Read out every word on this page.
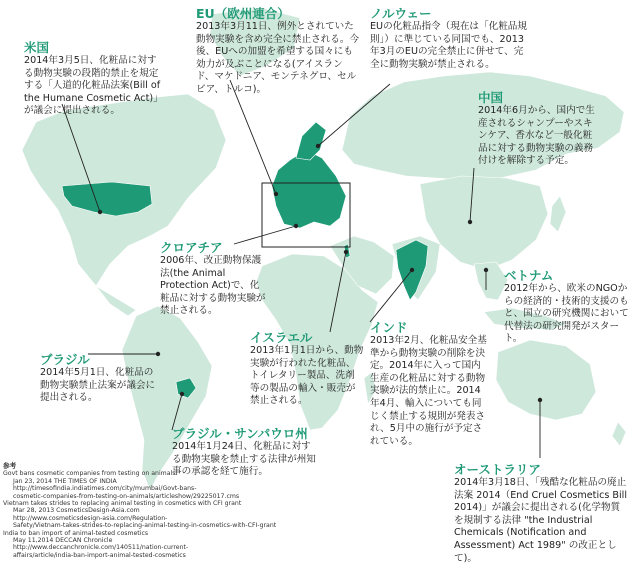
米国
2014年3月5日、化粧品に対する動物実験の段階的禁止を規定する「人道的化粧品法案(Bill of the Humane Cosmetic Act)」が議会に提出される。
EU（欧州連合）
2013年3月11日、例外とされていた動物実験を含め完全に禁止される。今後、EUへの加盟を希望する国々にも効力が及ぶことになる(アイスランド、マケドニア、モンテネグロ、セルビア、トルコ)。
ノルウェー
EUの化粧品指令（現在は「化粧品規則」）に準じている同国でも、2013年3月のEUの完全禁止に併せて、完全に動物実験が禁止される。
中国
2014年6月から、国内で生産されるシャンプーやスキンケア、香水など一般化粧品に対する動物実験の義務付けを解除する予定。
クロアチア
2006年、改正動物保護法(the Animal Protection Act)で、化粧品に対する動物実験が禁止される。
ベトナム
2012年から、欧米のNGOからの経済的・技術的支援のもと、国立の研究機関において代替法の研究開発がスタート。
イスラエル
2013年1月1日から、動物実験が行われた化粧品、トイレタリー製品、洗剤等の製品の輸入・販売が禁止される。
インド
2013年2月、化粧品安全基準から動物実験の削除を決定。2014年に入って国内生産の化粧品に対する動物実験が法的禁止に。2014年4月、輸入についても同じく禁止する規則が発表され、5月中の施行が予定されている。
ブラジル
2014年5月1日、化粧品の動物実験禁止法案が議会に提出される。
ブラジル・サンパウロ州
2014年1月24日、化粧品に対する動物実験を禁止する法律が州知事の承認を経て施行。	オーストラリア
2014年3月18日、「残酷な化粧品の廃止法案 2014（End Cruel Cosmetics Bill 2014)」が議会に提出される(化学物質を規制する法律 "the Industrial Chemicals (Notification and Assessment) Act 1989" の改正として)。
参考
Govt bans cosmetic companies from testing on animals
Jan 23, 2014 THE TIMES OF INDIA
http://timesofindia.indiatimes.com/city/mumbai/Govt-bans-
cosmetic-companies-from-testing-on-animals/articleshow/29225017.cms
Vietnam takes strides to replacing animal testing in cosmetics with CFI grant
Mar 28, 2013 CosmeticsDesign-Asia.com
http://www.cosmeticsdesign-asia.com/Regulation-
Safety/Vietnam-takes-strides-to-replacing-animal-testing-in-cosmetics-with-CFI-grant
India to ban import of animal-tested cosmetics
May 11,2014 DECCAN Chronicle
http://www.deccanchronicle.com/140511/nation-current-
affairs/article/india-ban-import-animal-tested-cosmetics
